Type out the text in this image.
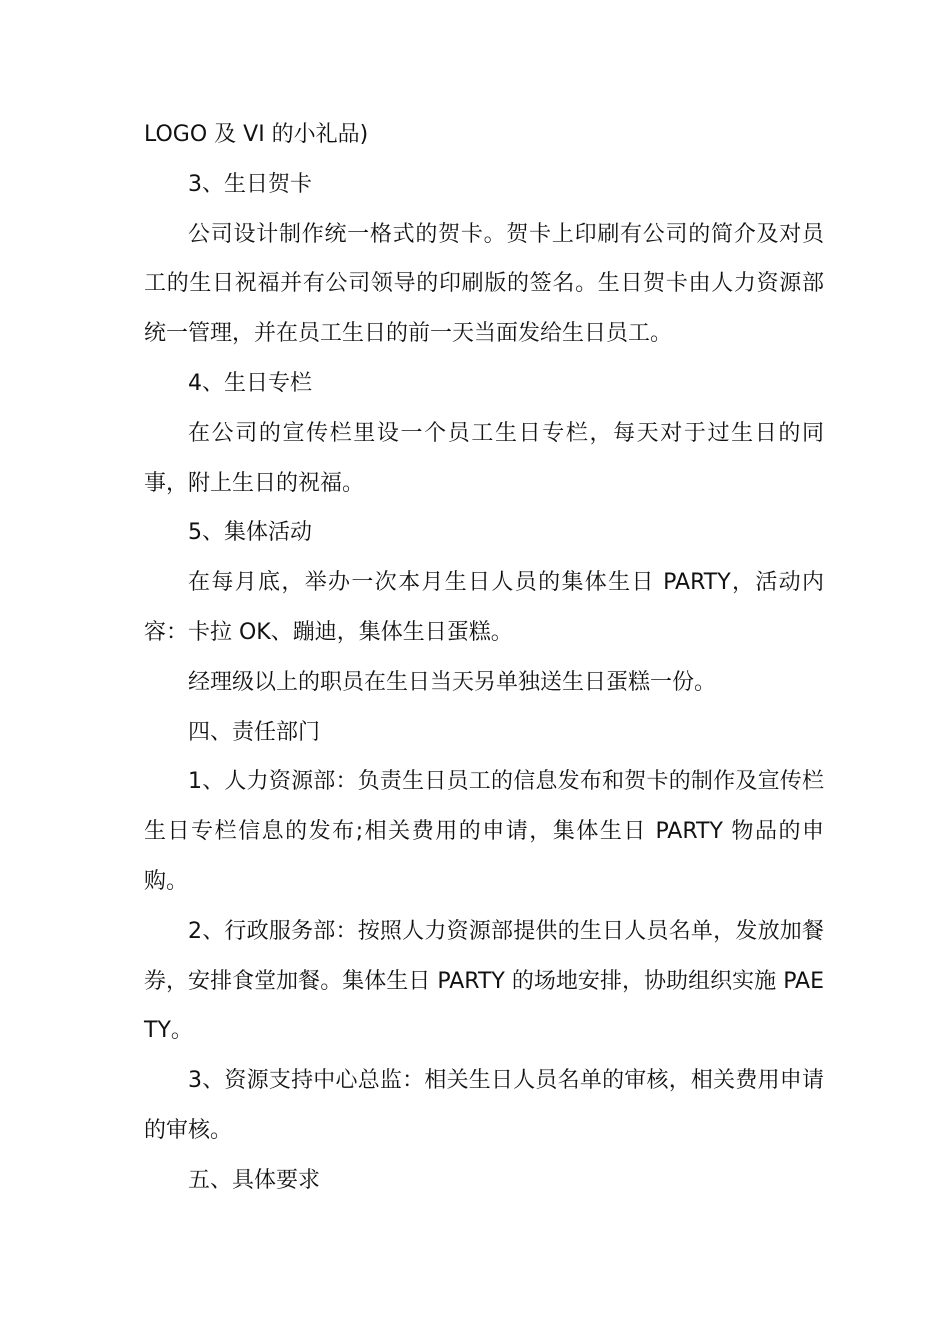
LOGO 及 VI 的小礼品)

3、生日贺卡

公司设计制作统一格式的贺卡。贺卡上印刷有公司的简介及对员工的生日祝福并有公司领导的印刷版的签名。生日贺卡由人力资源部统一管理，并在员工生日的前一天当面发给生日员工。

4、生日专栏

在公司的宣传栏里设一个员工生日专栏，每天对于过生日的同事，附上生日的祝福。

5、集体活动

在每月底，举办一次本月生日人员的集体生日 PARTY，活动内容：卡拉 OK、蹦迪，集体生日蛋糕。

经理级以上的职员在生日当天另单独送生日蛋糕一份。

四、责任部门

1、人力资源部：负责生日员工的信息发布和贺卡的制作及宣传栏生日专栏信息的发布;相关费用的申请，集体生日 PARTY 物品的申购。

2、行政服务部：按照人力资源部提供的生日人员名单，发放加餐券，安排食堂加餐。集体生日 PARTY 的场地安排，协助组织实施 PAETY。

3、资源支持中心总监：相关生日人员名单的审核，相关费用申请的审核。

五、具体要求
